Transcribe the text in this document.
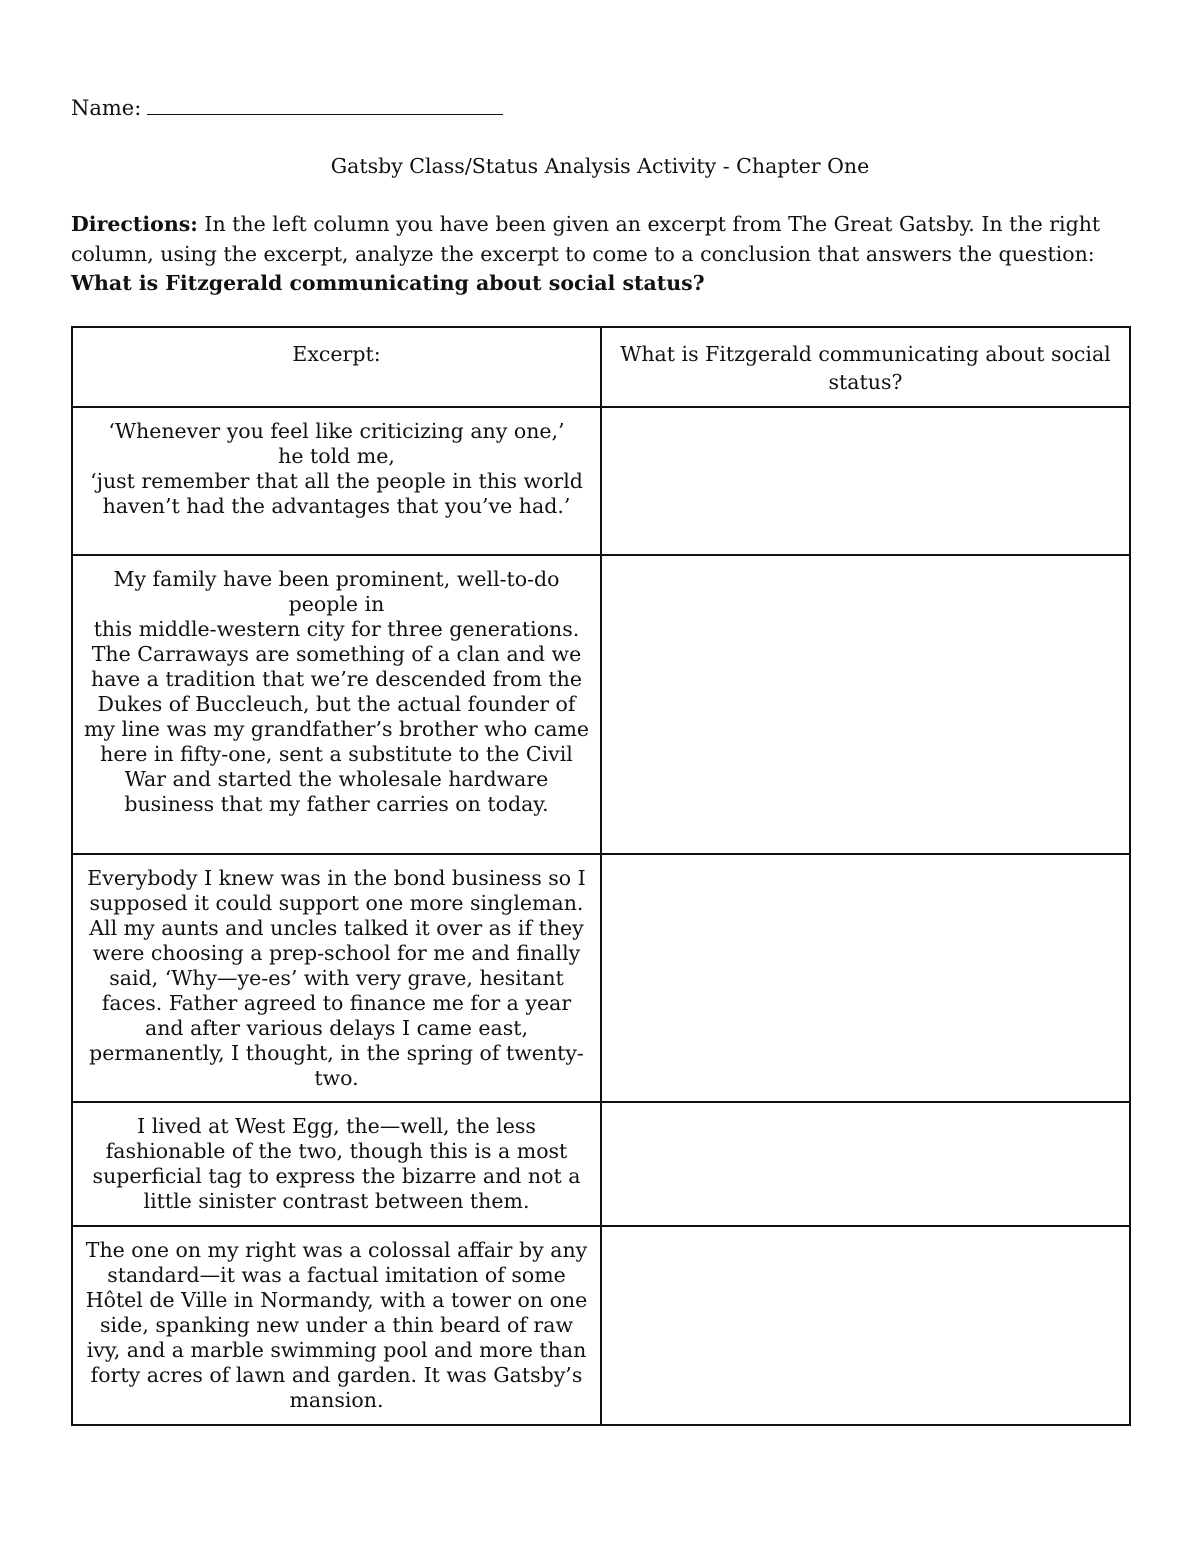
Name:
Gatsby Class/Status Analysis Activity - Chapter One
Directions: In the left column you have been given an excerpt from The Great Gatsby. In the right column, using the excerpt, analyze the excerpt to come to a conclusion that answers the question: What is Fitzgerald communicating about social status?
Excerpt:	What is Fitzgerald communicating about social status?
‘Whenever you feel like criticizing any one,’
he told me,
‘just remember that all the people in this world haven’t had the advantages that you’ve had.’	
My family have been prominent, well-to-do people in
this middle-western city for three generations. The Carraways are something of a clan and we have a tradition that we’re descended from the Dukes of Buccleuch, but the actual founder of my line was my grandfather’s brother who came here in fifty-one, sent a substitute to the Civil War and started the wholesale hardware business that my father carries on today.	
Everybody I knew was in the bond business so I supposed it could support one more singleman. All my aunts and uncles talked it over as if they were choosing a prep-school for me and finally said, ‘Why—ye-es’ with very grave, hesitant faces. Father agreed to finance me for a year and after various delays I came east, permanently, I thought, in the spring of twenty-two.	
I lived at West Egg, the—well, the less fashionable of the two, though this is a most superficial tag to express the bizarre and not a little sinister contrast between them.	
The one on my right was a colossal affair by any standard—it was a factual imitation of some Hôtel de Ville in Normandy, with a tower on one side, spanking new under a thin beard of raw ivy, and a marble swimming pool and more than forty acres of lawn and garden. It was Gatsby’s mansion.	
